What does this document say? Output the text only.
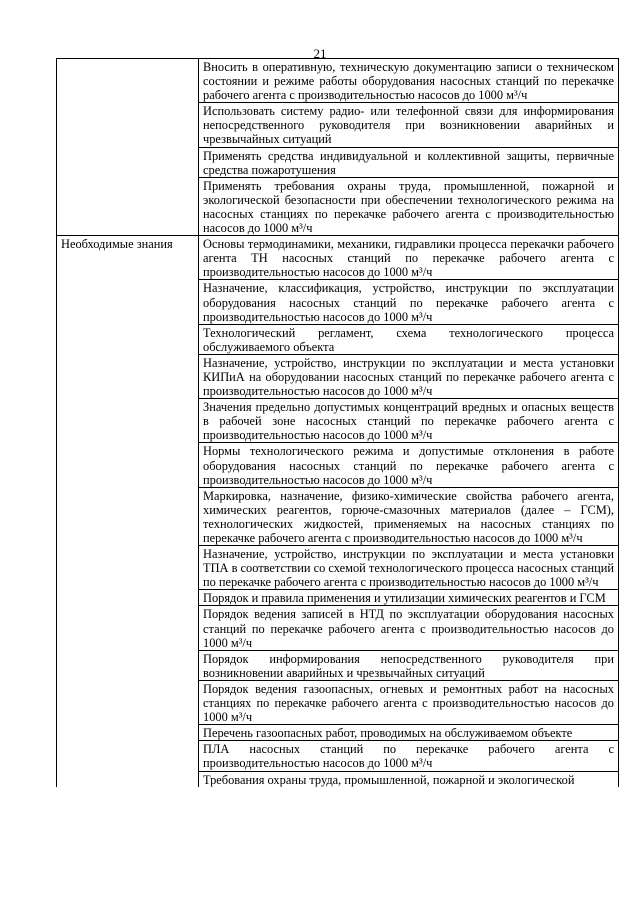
21
	Вносить в оперативную, техническую документацию записи о техническом состоянии и режиме работы оборудования насосных станций по перекачке рабочего агента с производительностью насосов до 1000 м³/ч
	Использовать систему радио- или телефонной связи для информирования непосредственного руководителя при возникновении аварийных и чрезвычайных ситуаций
	Применять средства индивидуальной и коллективной защиты, первичные средства пожаротушения
	Применять требования охраны труда, промышленной, пожарной и экологической безопасности при обеспечении технологического режима на насосных станциях по перекачке рабочего агента с производительностью насосов до 1000 м³/ч
Необходимые знания	Основы термодинамики, механики, гидравлики процесса перекачки рабочего агента ТН насосных станций по перекачке рабочего агента с производительностью насосов до 1000 м³/ч
	Назначение, классификация, устройство, инструкции по эксплуатации оборудования насосных станций по перекачке рабочего агента с производительностью насосов до 1000 м³/ч
	Технологический регламент, схема технологического процесса обслуживаемого объекта
	Назначение, устройство, инструкции по эксплуатации и места установки КИПиА на оборудовании насосных станций по перекачке рабочего агента с производительностью насосов до 1000 м³/ч
	Значения предельно допустимых концентраций вредных и опасных веществ в рабочей зоне насосных станций по перекачке рабочего агента с производительностью насосов до 1000 м³/ч
	Нормы технологического режима и допустимые отклонения в работе оборудования насосных станций по перекачке рабочего агента с производительностью насосов до 1000 м³/ч
	Маркировка, назначение, физико-химические свойства рабочего агента, химических реагентов, горюче-смазочных материалов (далее – ГСМ), технологических жидкостей, применяемых на насосных станциях по перекачке рабочего агента с производительностью насосов до 1000 м³/ч
	Назначение, устройство, инструкции по эксплуатации и места установки ТПА в соответствии со схемой технологического процесса насосных станций по перекачке рабочего агента с производительностью насосов до 1000 м³/ч
	Порядок и правила применения и утилизации химических реагентов и ГСМ
	Порядок ведения записей в НТД по эксплуатации оборудования насосных станций по перекачке рабочего агента с производительностью насосов до 1000 м³/ч
	Порядок информирования непосредственного руководителя при возникновении аварийных и чрезвычайных ситуаций
	Порядок ведения газоопасных, огневых и ремонтных работ на насосных станциях по перекачке рабочего агента с производительностью насосов до 1000 м³/ч
	Перечень газоопасных работ, проводимых на обслуживаемом объекте
	ПЛА насосных станций по перекачке рабочего агента с производительностью насосов до 1000 м³/ч
	Требования охраны труда, промышленной, пожарной и экологической
